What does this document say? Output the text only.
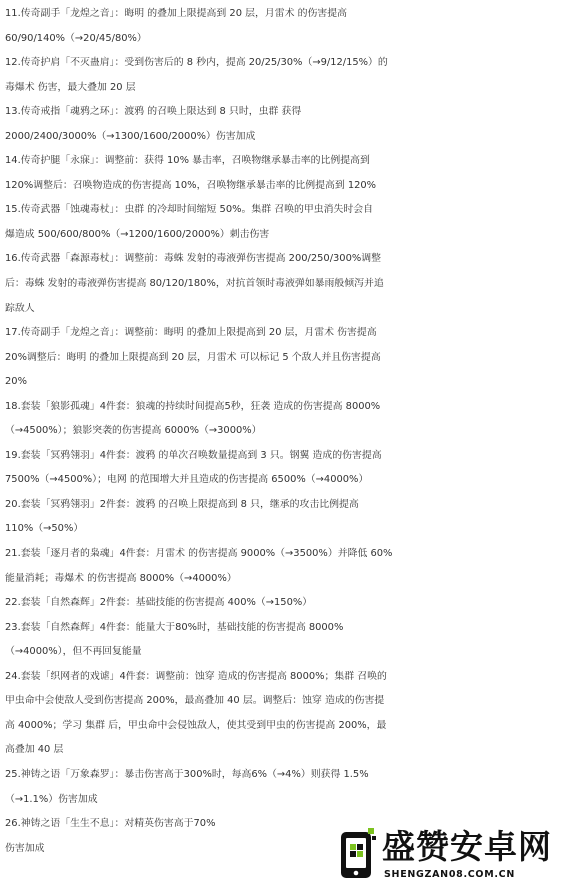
11.传奇副手「龙煌之音」：晦明 的叠加上限提高到 20 层，月雷术 的伤害提高
60/90/140%（→20/45/80%）
12.传奇护肩「不灭蛊肩」：受到伤害后的 8 秒内，提高 20/25/30%（→9/12/15%）的
毒爆术 伤害，最大叠加 20 层
13.传奇戒指「魂鸦之环」：渡鸦 的召唤上限达到 8 只时，虫群 获得
2000/2400/3000%（→1300/1600/2000%）伤害加成
14.传奇护腿「永寐」：调整前：获得 10% 暴击率，召唤物继承暴击率的比例提高到
120%调整后：召唤物造成的伤害提高 10%，召唤物继承暴击率的比例提高到 120%
15.传奇武器「蚀魂毒杖」：虫群 的冷却时间缩短 50%。集群 召唤的甲虫消失时会自
爆造成 500/600/800%（→1200/1600/2000%）刺击伤害
16.传奇武器「森源毒杖」：调整前：毒蛛 发射的毒液弹伤害提高 200/250/300%调整
后：毒蛛 发射的毒液弹伤害提高 80/120/180%，对抗首领时毒液弹如暴雨般倾泻并追
踪敌人
17.传奇副手「龙煌之音」：调整前：晦明 的叠加上限提高到 20 层，月雷术 伤害提高
20%调整后：晦明 的叠加上限提高到 20 层，月雷术 可以标记 5 个敌人并且伤害提高
20%
18.套装「狼影孤魂」4件套：狼魂的持续时间提高5秒，狂袭 造成的伤害提高 8000%
（→4500%）；狼影突袭的伤害提高 6000%（→3000%）
19.套装「冥鸦翎羽」4件套：渡鸦 的单次召唤数量提高到 3 只。钢翼 造成的伤害提高
7500%（→4500%）；电网 的范围增大并且造成的伤害提高 6500%（→4000%）
20.套装「冥鸦翎羽」2件套：渡鸦 的召唤上限提高到 8 只，继承的攻击比例提高
110%（→50%）
21.套装「逐月者的枭魂」4件套：月雷术 的伤害提高 9000%（→3500%）并降低 60%
能量消耗；毒爆术 的伤害提高 8000%（→4000%）
22.套装「自然森辉」2件套：基础技能的伤害提高 400%（→150%）
23.套装「自然森辉」4件套：能量大于80%时，基础技能的伤害提高 8000%
（→4000%），但不再回复能量
24.套装「织网者的戏谑」4件套：调整前：蚀穿 造成的伤害提高 8000%；集群 召唤的
甲虫命中会使敌人受到伤害提高 200%，最高叠加 40 层。调整后：蚀穿 造成的伤害提
高 4000%；学习 集群 后，甲虫命中会侵蚀敌人，使其受到甲虫的伤害提高 200%，最
高叠加 40 层
25.神铸之语「万象森罗」：暴击伤害高于300%时，每高6%（→4%）则获得 1.5%
（→1.1%）伤害加成
26.神铸之语「生生不息」：对精英伤害高于70%
伤害加成	盛赞安卓网
SHENGZAN08.COM.CN
